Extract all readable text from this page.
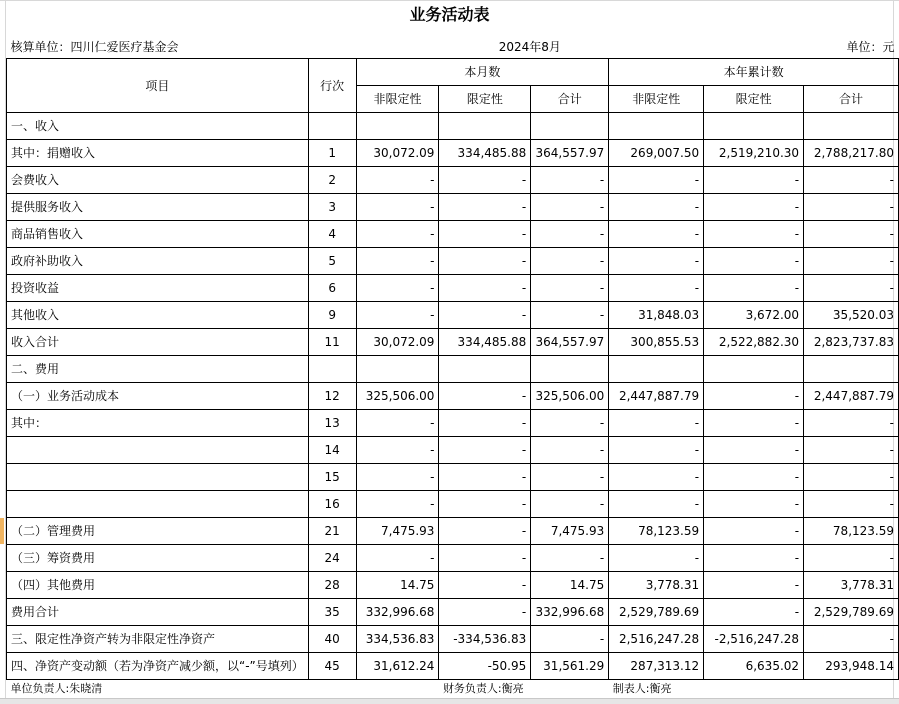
业务活动表
核算单位：四川仁爱医疗基金会		2024年8月					单位：元
项目	行次	本月数			本年累计数		
		非限定性	限定性	合计	非限定性	限定性	合计
一、收入							
其中：捐赠收入	1	30,072.09	334,485.88	364,557.97	269,007.50	2,519,210.30	2,788,217.80
会费收入	2	-	-	-	-	-	-
提供服务收入	3	-	-	-	-	-	-
商品销售收入	4	-	-	-	-	-	-
政府补助收入	5	-	-	-	-	-	-
投资收益	6	-	-	-	-	-	-
其他收入	9	-	-	-	31,848.03	3,672.00	35,520.03
收入合计	11	30,072.09	334,485.88	364,557.97	300,855.53	2,522,882.30	2,823,737.83
二、费用							
（一）业务活动成本	12	325,506.00	-	325,506.00	2,447,887.79	-	2,447,887.79
其中：	13	-	-	-	-	-	-
	14	-	-	-	-	-	-
	15	-	-	-	-	-	-
	16	-	-	-	-	-	-
（二）管理费用	21	7,475.93	-	7,475.93	78,123.59	-	78,123.59
（三）筹资费用	24	-	-	-	-	-	-
（四）其他费用	28	14.75	-	14.75	3,778.31	-	3,778.31
费用合计	35	332,996.68	-	332,996.68	2,529,789.69	-	2,529,789.69
三、限定性净资产转为非限定性净资产	40	334,536.83	-334,536.83	-	2,516,247.28	-2,516,247.28	-
四、净资产变动额（若为净资产减少额，以“-”号填列）	45	31,612.24	-50.95	31,561.29	287,313.12	6,635.02	293,948.14
单位负责人:朱晓清			财务负责人:衡亮		制表人:衡亮		
